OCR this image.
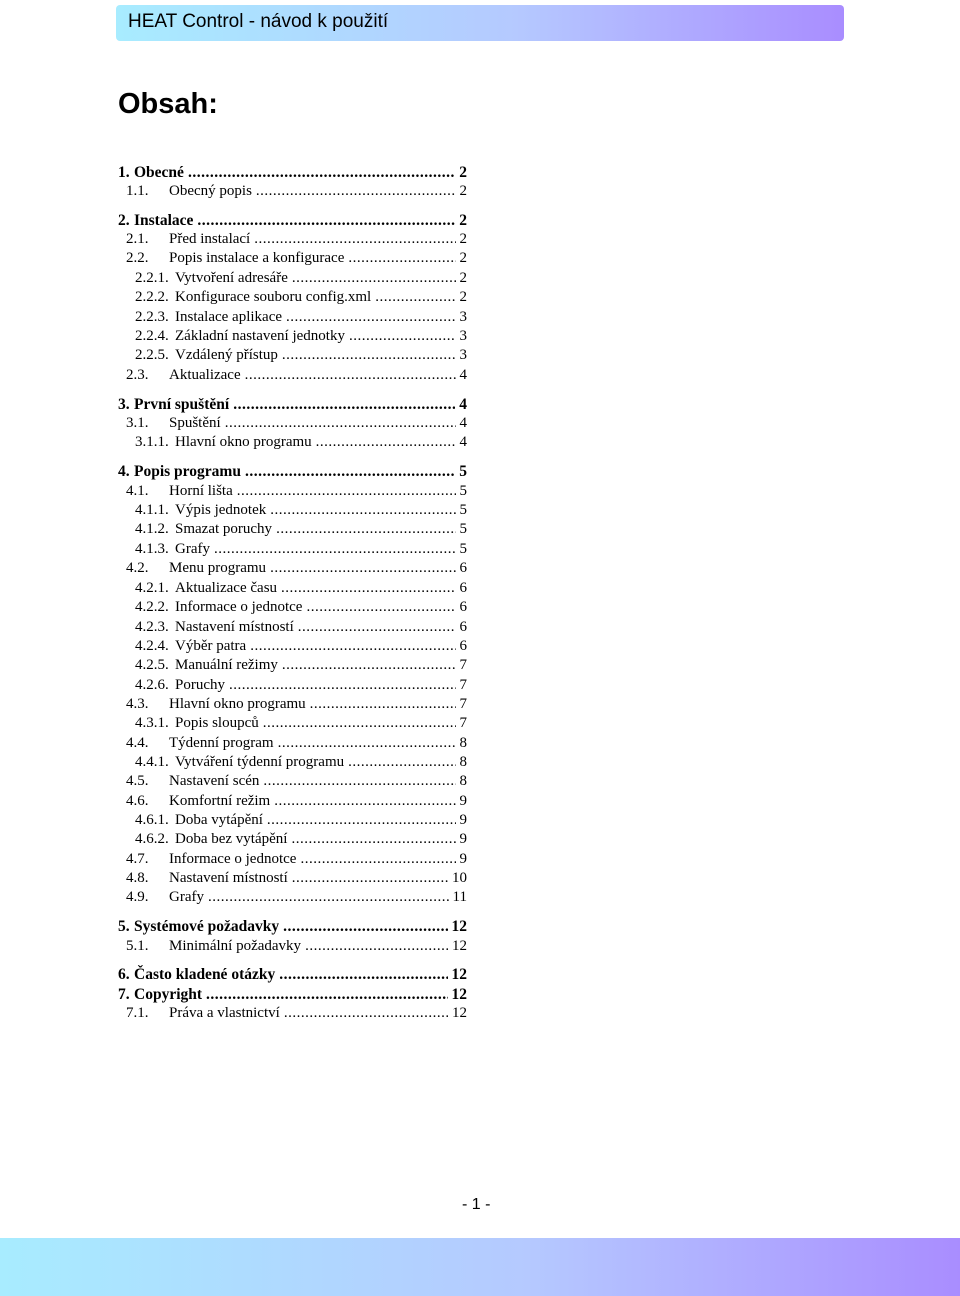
HEAT Control - návod k použití
Obsah:
1. Obecné .....	2
1.1.	Obecný popis .....	2
2. Instalace .....	2
2.1.	Před instalací .....	2
2.2.	Popis instalace a konfigurace .....	2
2.2.1. Vytvoření adresáře .....	2
2.2.2. Konfigurace souboru config.xml .....	2
2.2.3. Instalace aplikace .....	3
2.2.4. Základní nastavení jednotky .....	3
2.2.5. Vzdálený přístup .....	3
2.3.	Aktualizace .....	4
3. První spuštění .....	4
3.1.	Spuštění .....	4
3.1.1. Hlavní okno programu .....	4
4. Popis programu .....	5
4.1.	Horní lišta .....	5
4.1.1. Výpis jednotek .....	5
4.1.2. Smazat poruchy .....	5
4.1.3. Grafy .....	5
4.2.	Menu programu .....	6
4.2.1. Aktualizace času .....	6
4.2.2. Informace o jednotce .....	6
4.2.3. Nastavení místností .....	6
4.2.4. Výběr patra .....	6
4.2.5. Manuální režimy .....	7
4.2.6. Poruchy .....	7
4.3.	Hlavní okno programu .....	7
4.3.1. Popis sloupců .....	7
4.4.	Týdenní program .....	8
4.4.1. Vytváření týdenní programu .....	8
4.5.	Nastavení scén .....	8
4.6.	Komfortní režim .....	9
4.6.1. Doba vytápění .....	9
4.6.2. Doba bez vytápění .....	9
4.7.	Informace o jednotce .....	9
4.8.	Nastavení místností .....	10
4.9.	Grafy .....	11
5. Systémové požadavky .....	12
5.1.	Minimální požadavky .....	12
6. Často kladené otázky .....	12
7. Copyright .....	12
7.1.	Práva a vlastnictví .....	12
- 1 -
